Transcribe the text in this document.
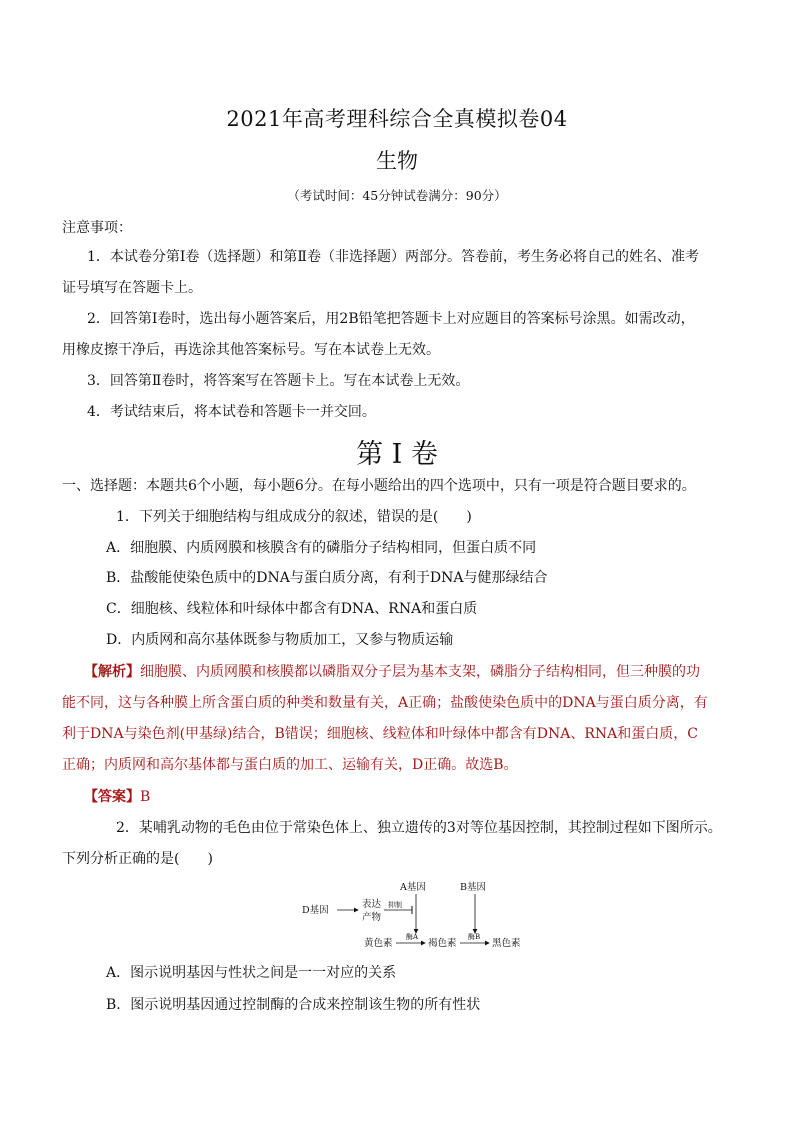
2021年高考理科综合全真模拟卷04
生物
（考试时间：45分钟试卷满分：90分）
注意事项：
1．本试卷分第Ⅰ卷（选择题）和第Ⅱ卷（非选择题）两部分。答卷前，考生务必将自己的姓名、准考
证号填写在答题卡上。
2．回答第Ⅰ卷时，选出每小题答案后，用2B铅笔把答题卡上对应题目的答案标号涂黑。如需改动，
用橡皮擦干净后，再选涂其他答案标号。写在本试卷上无效。
3．回答第Ⅱ卷时，将答案写在答题卡上。写在本试卷上无效。
4．考试结束后，将本试卷和答题卡一并交回。
第 I 卷
一、选择题：本题共6个小题，每小题6分。在每小题给出的四个选项中，只有一项是符合题目要求的。
1．下列关于细胞结构与组成成分的叙述，错误的是(　　)
A．细胞膜、内质网膜和核膜含有的磷脂分子结构相同，但蛋白质不同
B．盐酸能使染色质中的DNA与蛋白质分离，有利于DNA与健那绿结合
C．细胞核、线粒体和叶绿体中都含有DNA、RNA和蛋白质
D．内质网和高尔基体既参与物质加工，又参与物质运输
【解析】细胞膜、内质网膜和核膜都以磷脂双分子层为基本支架，磷脂分子结构相同，但三种膜的功
能不同，这与各种膜上所含蛋白质的种类和数量有关，A正确；盐酸使染色质中的DNA与蛋白质分离，有
利于DNA与染色剂(甲基绿)结合，B错误；细胞核、线粒体和叶绿体中都含有DNA、RNA和蛋白质，C
正确；内质网和高尔基体都与蛋白质的加工、运输有关，D正确。故选B。
【答案】B
2．某哺乳动物的毛色由位于常染色体上、独立遗传的3对等位基因控制，其控制过程如下图所示。
下列分析正确的是(　　)
D基因
表达
产物
抑制
A基因	B基因
黄色素
酶A
褐色素
酶B
黑色素
A．图示说明基因与性状之间是一一对应的关系
B．图示说明基因通过控制酶的合成来控制该生物的所有性状
